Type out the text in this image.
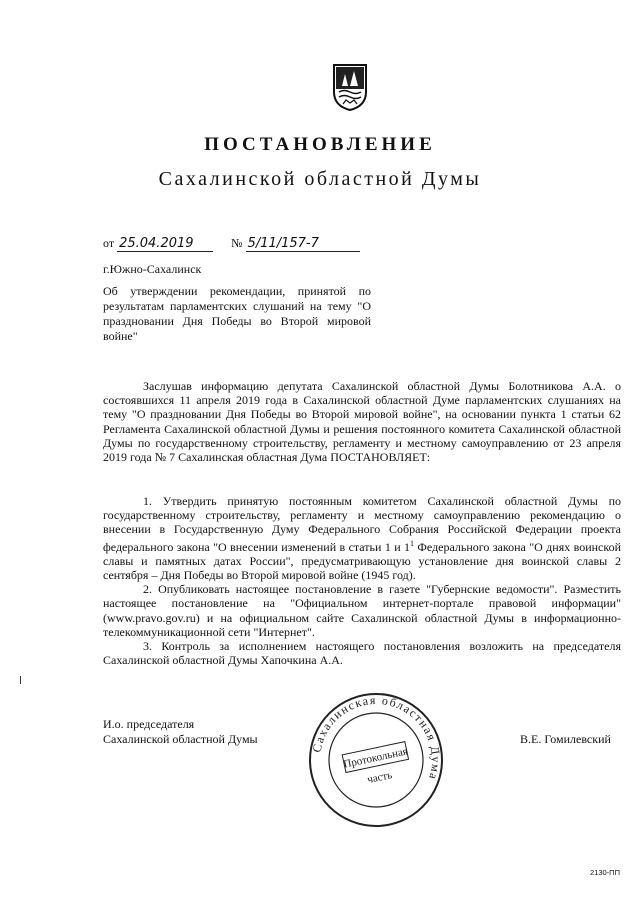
ПОСТАНОВЛЕНИЕ
Сахалинской областной Думы
от 25.04.2019	№ 5/11/157-7
г.Южно-Сахалинск
Об утверждении рекомендации, принятой по результатам парламентских слушаний на тему "О праздновании Дня Победы во Второй мировой войне"

Заслушав информацию депутата Сахалинской областной Думы Болотникова А.А. о состоявшихся 11 апреля 2019 года в Сахалинской областной Думе парламентских слушаниях на тему "О праздновании Дня Победы во Второй мировой войне", на основании пункта 1 статьи 62 Регламента Сахалинской областной Думы и решения постоянного комитета Сахалинской областной Думы по государственному строительству, регламенту и местному самоуправлению от 23 апреля 2019 года № 7 Сахалинская областная Дума ПОСТАНОВЛЯЕТ:

1. Утвердить принятую постоянным комитетом Сахалинской областной Думы по государственному строительству, регламенту и местному самоуправлению рекомендацию о внесении в Государственную Думу Федерального Собрания Российской Федерации проекта федерального закона "О внесении изменений в статьи 1 и $1^1$ Федерального закона "О днях воинской славы и памятных датах России", предусматривающую установление дня воинской славы 2 сентября – Дня Победы во Второй мировой войне (1945 год).

2. Опубликовать настоящее постановление в газете "Губернские ведомости". Разместить настоящее постановление на "Официальном интернет-портале правовой информации" (www.pravo.gov.ru) и на официальном сайте Сахалинской областной Думы в информационно-телекоммуникационной сети "Интернет".

3. Контроль за исполнением настоящего постановления возложить на председателя Сахалинской областной Думы Хапочкина А.А.

И.о. председателя
Сахалинской областной Думы	В.Е. Гомилевский
Сахалинская областная Дума
Протокольная
часть
2130-ПП
